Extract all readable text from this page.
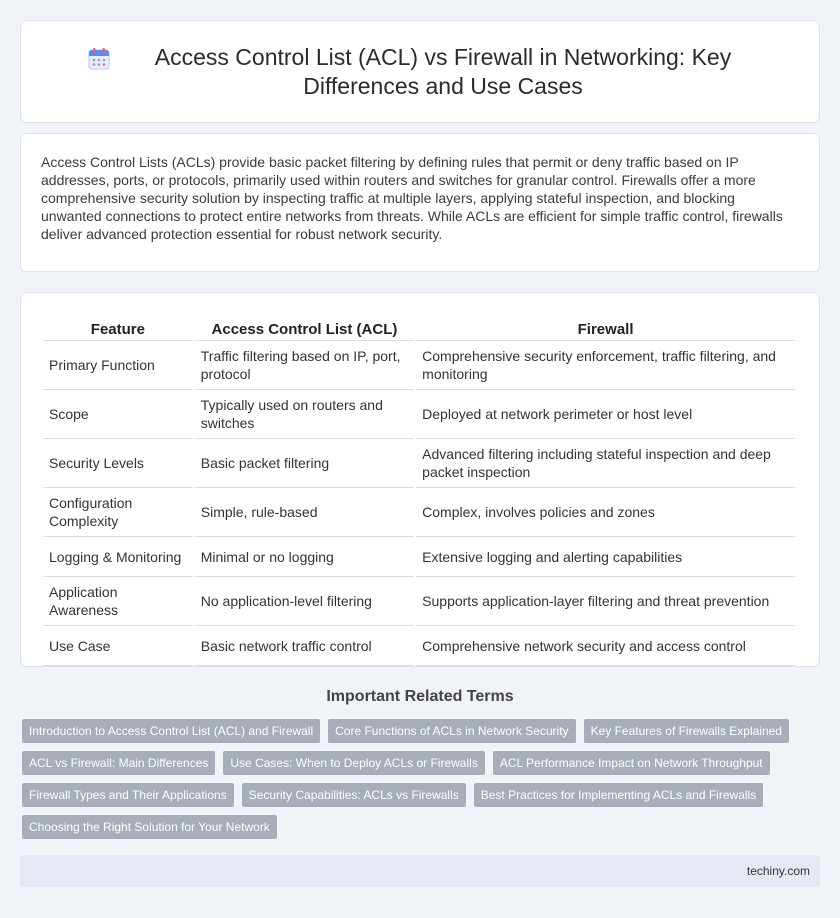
Access Control List (ACL) vs Firewall in Networking: Key Differences and Use Cases

Access Control Lists (ACLs) provide basic packet filtering by defining rules that permit or deny traffic based on IP addresses, ports, or protocols, primarily used within routers and switches for granular control. Firewalls offer a more comprehensive security solution by inspecting traffic at multiple layers, applying stateful inspection, and blocking unwanted connections to protect entire networks from threats. While ACLs are efficient for simple traffic control, firewalls deliver advanced protection essential for robust network security.

Feature	Access Control List (ACL)	Firewall
Primary Function	Traffic filtering based on IP, port, protocol	Comprehensive security enforcement, traffic filtering, and monitoring
Scope	Typically used on routers and switches	Deployed at network perimeter or host level
Security Levels	Basic packet filtering	Advanced filtering including stateful inspection and deep packet inspection
Configuration Complexity	Simple, rule-based	Complex, involves policies and zones
Logging & Monitoring	Minimal or no logging	Extensive logging and alerting capabilities
Application Awareness	No application-level filtering	Supports application-layer filtering and threat prevention
Use Case	Basic network traffic control	Comprehensive network security and access control
Important Related Terms
Introduction to Access Control List (ACL) and Firewall	Core Functions of ACLs in Network Security	Key Features of Firewalls Explained
ACL vs Firewall: Main Differences	Use Cases: When to Deploy ACLs or Firewalls	ACL Performance Impact on Network Throughput
Firewall Types and Their Applications	Security Capabilities: ACLs vs Firewalls	Best Practices for Implementing ACLs and Firewalls
Choosing the Right Solution for Your Network
techiny.com
